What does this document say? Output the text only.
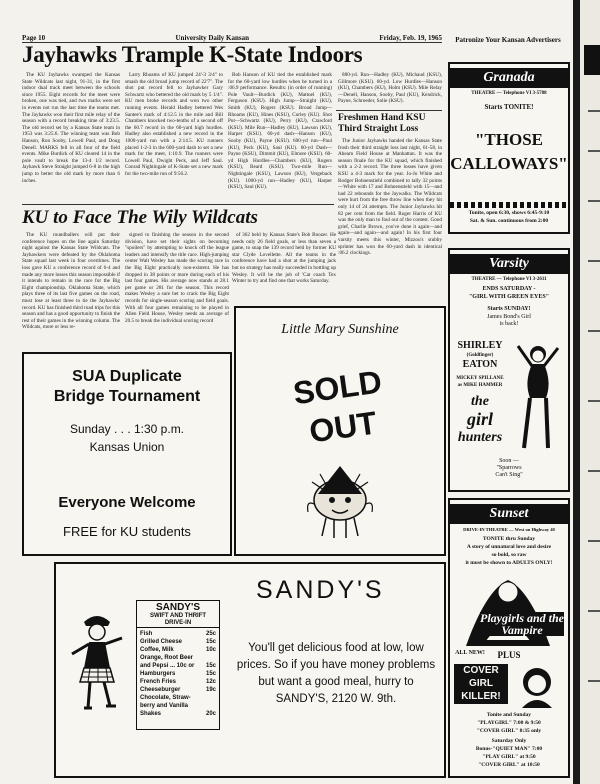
Page 10	University Daily Kansan	Friday, Feb. 19, 1965
Jayhawks Trample K-State Indoors

The KU Jayhawks swamped the Kansas State Wildcats last night, 91-31, in the first indoor dual track meet between the schools since 1955. Eight records for the meet were broken, one was tied, and two marks were set in events not run the last time the teams met. The Jayhawks won their first mile relay of the season with a record breaking time of 3:23.5. The old record set by a Kansas State team in 1953 was 3:25.6. The winning team was Bob Hanson, Ron Sooby, Lowell Paul, and Doug Denell. MARKS fell in all four of the field events. Mike Burdick of KU cleared 14 in the pole vault to break the 13-4 1/2 record. Jayhawk Steve Straight jumped 6-8 in the high jump to better the old mark by more than 6 inches.

Larry Rhoams of KU jumped 24'-3 3/4" to smash the old broad jump record of 22'7". The shot put record fell to Jayhawker Gary Schwartz who bettered the old mark by 5 1/4". KU men broke records and won two other running events. Herald Hadley bettered Wes Santee's mark of 4:12.5 in the mile and Bill Chambers knocked two-tenths of a second off the 60.7 record in the 60-yard high hurdles. Hadley also established a new record in the 1000-yard run with a 2:14.5. KU runners placed 1-2-3 in the 600-yard dash to set a new mark for the meet, 1:10.9. The runners were Lowell Paul, Dwight Peck, and Jeff Saul. Conrad Nightingale of K-State set a new mark for the two-mile run of 9:56.2.

Bob Hanson of KU tied the established mark for the 60-yard low hurdles when he turned in a :06.9 performance. Results: (in order of running) Pole Vault—Burdick (KU), Mattoel (KU), Ferguson (KSU). High Jump—Straight (KU), Smith (KU), Rogers (KSU). Broad Jump—Rhoams (KU), Hines (KSU), Curley (KU). Shot Put—Schwartz (KU), Perry (KU), Crawford (KSU). Mile Run—Hadley (KU), Lawson (KU), Harper (KSU). 60-yd dash—Hanson (KU), Sooby (KU), Payne (KSU). 600-yd run—Paul (KU), Peck (KU), Saul (KU). 60-yd Dash—Payne (KSU), Dimmit (KU), Elmore (KSU). 60-yd High Hurdles—Chambers (KU), Rogers (KSU), Beard (KSU). Two-mile Run—Nightingale (KSU), Lawson (KU), Vergeback (KU). 1000-yd run—Hadley (KU), Harper (KSU), Saul (KU).

880-yd. Run—Hadley (KU), Michaud (KSU), Gillmore (KSU). 60-yd. Low Hurdles—Hanson (KU), Chambers (KU), Holm (KSU). Mile Relay—Denell, Hanson, Sooby, Paul (KU), Kendrick, Payne, Schroeder, Solie (KSU).

Freshmen Hand KSU Third Straight Loss

The Junior Jayhawks handed the Kansas State frosh their third straight loss last night, 61-58, in Ahearn Field House at Manhattan. It was the season finale for the KU squad, which finished with a 2-2 record. The three losses have given KSU a 4-3 mark for the year. Jo-Jo White and Rodger Bohnenstiehl combined to tally 32 points—White with 17 and Bohnenstiehl with 15—and had 22 rebounds for the Jaywalks. The Wildcats were hurt from the free throw line when they hit only 14 of 24 attempts. The Junior Jayhawks hit 82 per cent from the field. Roger Harris of KU was the only man to foul out of the contest. Good grief, Charlie Brown, you've done it again—and again—and again—and again! In his first four varsity meets this winter, Mizzou's stubby sprinter has won the 60-yard dash in identical :06.2 clockings.

KU to Face The Wily Wildcats

The KU roundballers will put their conference hopes on the line again Saturday night against the Kansas State Wildcats. The Jayhawkers were defeated by the Oklahoma State squad last week in four overtimes. The loss gave KU a conference record of 6-4 and made any more losses this season impossible if it intends to remain in the race for the Big Eight championship. Oklahoma State, which plays three of its last five games on the road, must lose at least three to tie the Jayhawks' record. KU has finished third road trips for this season and has a good opportunity to finish the rest of their games in the winning column. The Wildcats, more or less re-

signed to finishing the season in the second division, have set their sights on becoming "spoilers" by attempting to knock off the league leaders and intensify the title race. High-jumping center Walt Wesley has made the scoring race in the Big Eight practically non-existent. He has dropped in 38 points or more during each of his last four games. His average now stands at 28.1 per game or 281 for the season. This record makes Wesley a sure bet to crack the Big Eight records for single-season scoring and field goals. With all four games remaining to be played in Allen Field House, Wesley needs an average of 20.5 to break the individual scoring record

of 362 held by Kansas State's Bob Boozer. He needs only 26 field goals, or less than seven a game, to snap the 139 record held by former KU star Clyde Lovellette. All the teams in the conference have had a shot at the jumping jack but no strategy has really succeeded in bottling up Wesley. It will be the job of 'Cat coach Tex Winter to try and find one that works Saturday.

SUA Duplicate
Bridge Tournament
Sunday . . . 1:30 p.m.
Kansas Union
Everyone Welcome
FREE for KU students
Little Mary Sunshine
SOLD
OUT
SANDY'S
SANDY'S
SWIFT AND THRIFT
DRIVE-IN
Fish	25c
Grilled Cheese	15c
Coffee, Milk	10c
Orange, Root Beer
and Pepsi ... 10c or 15c
Hamburgers	15c
French Fries	12c
Cheeseburger	19c
Chocolate, Straw-
berry and Vanilla
Shakes	20c
You'll get delicious food at low, low prices. So if you have money problems but want a good meal, hurry to SANDY'S, 2120 W. 9th.
Patronize Your Kansan Advertisers
Granada
THEATRE — Telephone VI 3-5788
Starts TONITE!
"THOSE
CALLOWAYS"
Tonite, open 6:30, shows 6:45-9:10
Sat. & Sun. continuous from 2:00
Varsity
THEATRE — Telephone VI 3-2611
ENDS SATURDAY -
"GIRL WITH GREEN EYES"
Starts SUNDAY!
James Bond's Girl
is back!
SHIRLEY
(Goldfinger)
EATON
MICKEY SPILLANE
as MIKE HAMMER
the
girl
hunters
Soon —
"Sparrows
Can't Sing"
Sunset
DRIVE-IN THEATRE — West on Highway 40
TONITE thru Sunday
A story of unnatural love and desire
so bold, so raw
it must be shown to ADULTS ONLY!
Playgirls and the Vampire
ALL NEW!	PLUS
COVER
GIRL
KILLER!
Tonite and Sunday
"PLAYGIRL" 7:00 & 9:50
"COVER GIRL" 8:35 only
Saturday Only
Bonus-"QUIET MAN" 7:00
"PLAY GIRL" at 9:50
"COVER GIRL" at 10:50
